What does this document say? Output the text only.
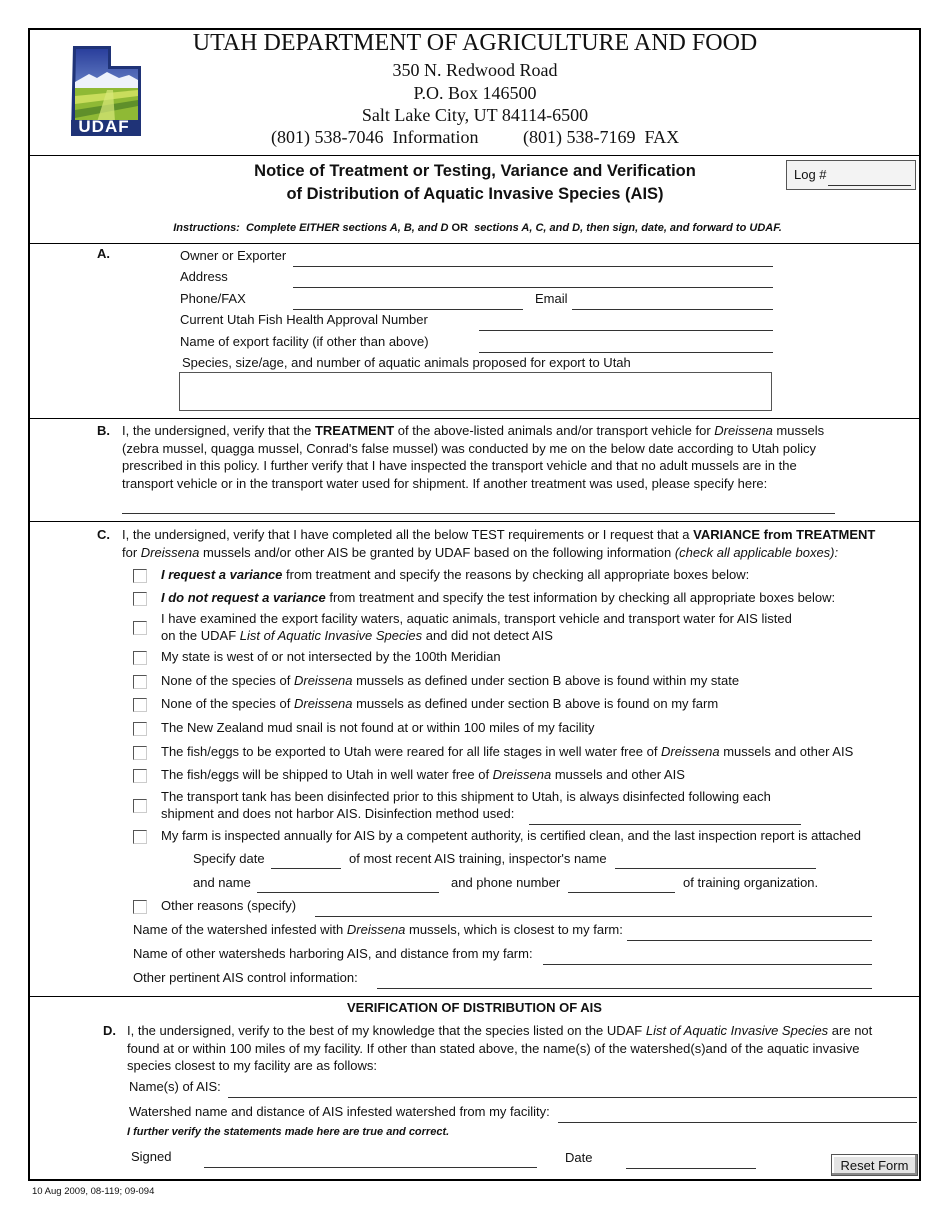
UDAF
UTAH DEPARTMENT OF AGRICULTURE AND FOOD
350 N. Redwood Road
P.O. Box 146500
Salt Lake City, UT 84114-6500
(801) 538-7046  Information (801) 538-7169  FAX
Notice of Treatment or Testing, Variance and Verification
of Distribution of Aquatic Invasive Species (AIS)
Log #
Instructions:  Complete EITHER sections A, B, and D OR  sections A, C, and D, then sign, date, and forward to UDAF.
A.	Owner or Exporter
Address
Phone/FAX	Email
Current Utah Fish Health Approval Number
Name of export facility (if other than above)
Species, size/age, and number of aquatic animals proposed for export to Utah
B. I, the undersigned, verify that the TREATMENT of the above-listed animals and/or transport vehicle for Dreissena mussels (zebra mussel, quagga mussel, Conrad's false mussel) was conducted by me on the below date according to Utah policy prescribed in this policy. I further verify that I have inspected the transport vehicle and that no adult mussels are in the transport vehicle or in the transport water used for shipment. If another treatment was used, please specify here:
C. I, the undersigned, verify that I have completed all the below TEST requirements or I request that a VARIANCE from TREATMENT for Dreissena mussels and/or other AIS be granted by UDAF based on the following information (check all applicable boxes):
I request a variance from treatment and specify the reasons by checking all appropriate boxes below:
I do not request a variance from treatment and specify the test information by checking all appropriate boxes below:
I have examined the export facility waters, aquatic animals, transport vehicle and transport water for AIS listed
on the UDAF List of Aquatic Invasive Species and did not detect AIS
My state is west of or not intersected by the 100th Meridian
None of the species of Dreissena mussels as defined under section B above is found within my state
None of the species of Dreissena mussels as defined under section B above is found on my farm
The New Zealand mud snail is not found at or within 100 miles of my facility
The fish/eggs to be exported to Utah were reared for all life stages in well water free of Dreissena mussels and other AIS
The fish/eggs will be shipped to Utah in well water free of Dreissena mussels and other AIS
The transport tank has been disinfected prior to this shipment to Utah, is always disinfected following each
shipment and does not harbor AIS. Disinfection method used:
My farm is inspected annually for AIS by a competent authority, is certified clean, and the last inspection report is attached
Specify date	of most recent AIS training, inspector's name
and name	and phone number	of training organization.
Other reasons (specify)
Name of the watershed infested with Dreissena mussels, which is closest to my farm:
Name of other watersheds harboring AIS, and distance from my farm:
Other pertinent AIS control information:
VERIFICATION OF DISTRIBUTION OF AIS
D. I, the undersigned, verify to the best of my knowledge that the species listed on the UDAF List of Aquatic Invasive Species are not found at or within 100 miles of my facility. If other than stated above, the name(s) of the watershed(s)and of the aquatic invasive species closest to my facility are as follows:
Name(s) of AIS:
Watershed name and distance of AIS infested watershed from my facility:
I further verify the statements made here are true and correct.
Signed	Date	Reset Form
10 Aug 2009, 08-119; 09-094
